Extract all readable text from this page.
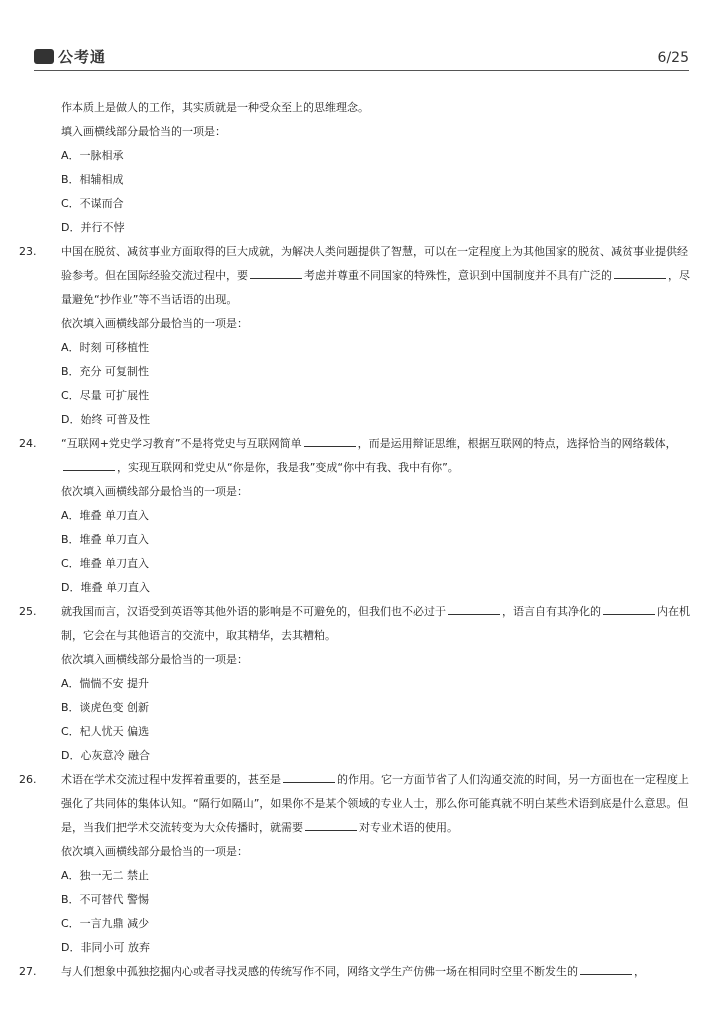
公考通	6/25
作本质上是做人的工作，其实质就是一种受众至上的思维理念。
填入画横线部分最恰当的一项是：
A．一脉相承
B．相辅相成
C．不谋而合
D．并行不悖
23. 中国在脱贫、减贫事业方面取得的巨大成就，为解决人类问题提供了智慧，可以在一定程度上为其他国家的脱贫、减贫事业提供经验参考。但在国际经验交流过程中，要	考虑并尊重不同国家的特殊性，意识到中国制度并不具有广泛的	，尽量避免“抄作业”等不当话语的出现。
依次填入画横线部分最恰当的一项是：
A．时刻 可移植性
B．充分 可复制性
C．尽量 可扩展性
D．始终 可普及性
24. “互联网+党史学习教育”不是将党史与互联网简单	，而是运用辩证思维，根据互联网的特点，选择恰当的网络载体，，实现互联网和党史从“你是你，我是我”变成“你中有我、我中有你”。
依次填入画横线部分最恰当的一项是：
A．堆叠 单刀直入
B．堆叠 单刀直入
C．堆叠 单刀直入
D．堆叠 单刀直入
25. 就我国而言，汉语受到英语等其他外语的影响是不可避免的，但我们也不必过于	，语言自有其净化的	内在机制，它会在与其他语言的交流中，取其精华，去其糟粕。
依次填入画横线部分最恰当的一项是：
A．惴惴不安 提升
B．谈虎色变 创新
C．杞人忧天 偏选
D．心灰意冷 融合
26. 术语在学术交流过程中发挥着重要的，甚至是	的作用。它一方面节省了人们沟通交流的时间，另一方面也在一定程度上强化了共同体的集体认知。“隔行如隔山”，如果你不是某个领域的专业人士，那么你可能真就不明白某些术语到底是什么意思。但是，当我们把学术交流转变为大众传播时，就需要	对专业术语的使用。
依次填入画横线部分最恰当的一项是：
A．独一无二 禁止
B．不可替代 警惕
C．一言九鼎 减少
D．非同小可 放弃
27. 与人们想象中孤独挖掘内心或者寻找灵感的传统写作不同，网络文学生产仿佛一场在相同时空里不断发生的	，
